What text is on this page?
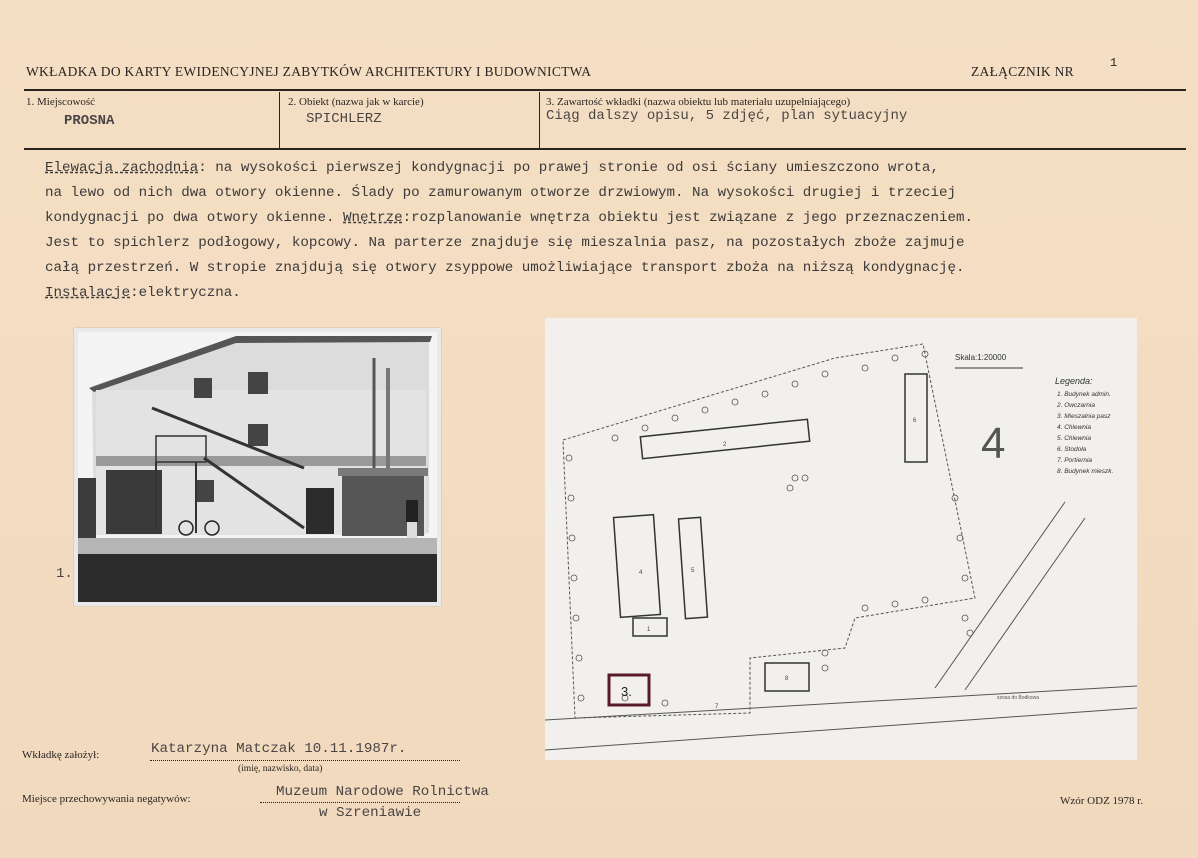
WKŁADKA DO KARTY EWIDENCYJNEJ ZABYTKÓW ARCHITEKTURY I BUDOWNICTWA	ZAŁĄCZNIK NR
1
1. Miejscowość
PROSNA
2. Obiekt (nazwa jak w karcie)
SPICHLERZ
3. Zawartość wkładki (nazwa obiektu lub materiału uzupełniającego)
Ciąg dalszy opisu, 5 zdjęć, plan sytuacyjny
Elewacja zachodnia: na wysokości pierwszej kondygnacji po prawej stronie od osi ściany umieszczono wrota,
na lewo od nich dwa otwory okienne. Ślady po zamurowanym otworze drzwiowym. Na wysokości drugiej i trzeciej
kondygnacji po dwa otwory okienne. Wnętrze:rozplanowanie wnętrza obiektu jest związane z jego przeznaczeniem.
Jest to spichlerz podłogowy, kopcowy. Na parterze znajduje się mieszalnia pasz, na pozostałych zboże zajmuje
całą przestrzeń. W stropie znajdują się otwory zsyppowe umożliwiające transport zboża na niższą kondygnację.
Instalacje:elektryczna.
1.
2
6
4
1
5
8
7
3.	szosa do Bodkowa
Skala:1:20000
4
Legenda:
1. Budynek admin.
2. Owczarnia
3. Mieszalnia pasz
4. Chlewnia
5. Chlewnia
6. Stodoła
7. Portiernia
8. Budynek mieszk.
Wkładkę założył:	Katarzyna Matczak 10.11.1987r.
(imię, nazwisko, data)
Miejsce przechowywania negatywów:	Muzeum Narodowe Rolnictwa
w Szreniawie
Wzór ODZ 1978 r.
